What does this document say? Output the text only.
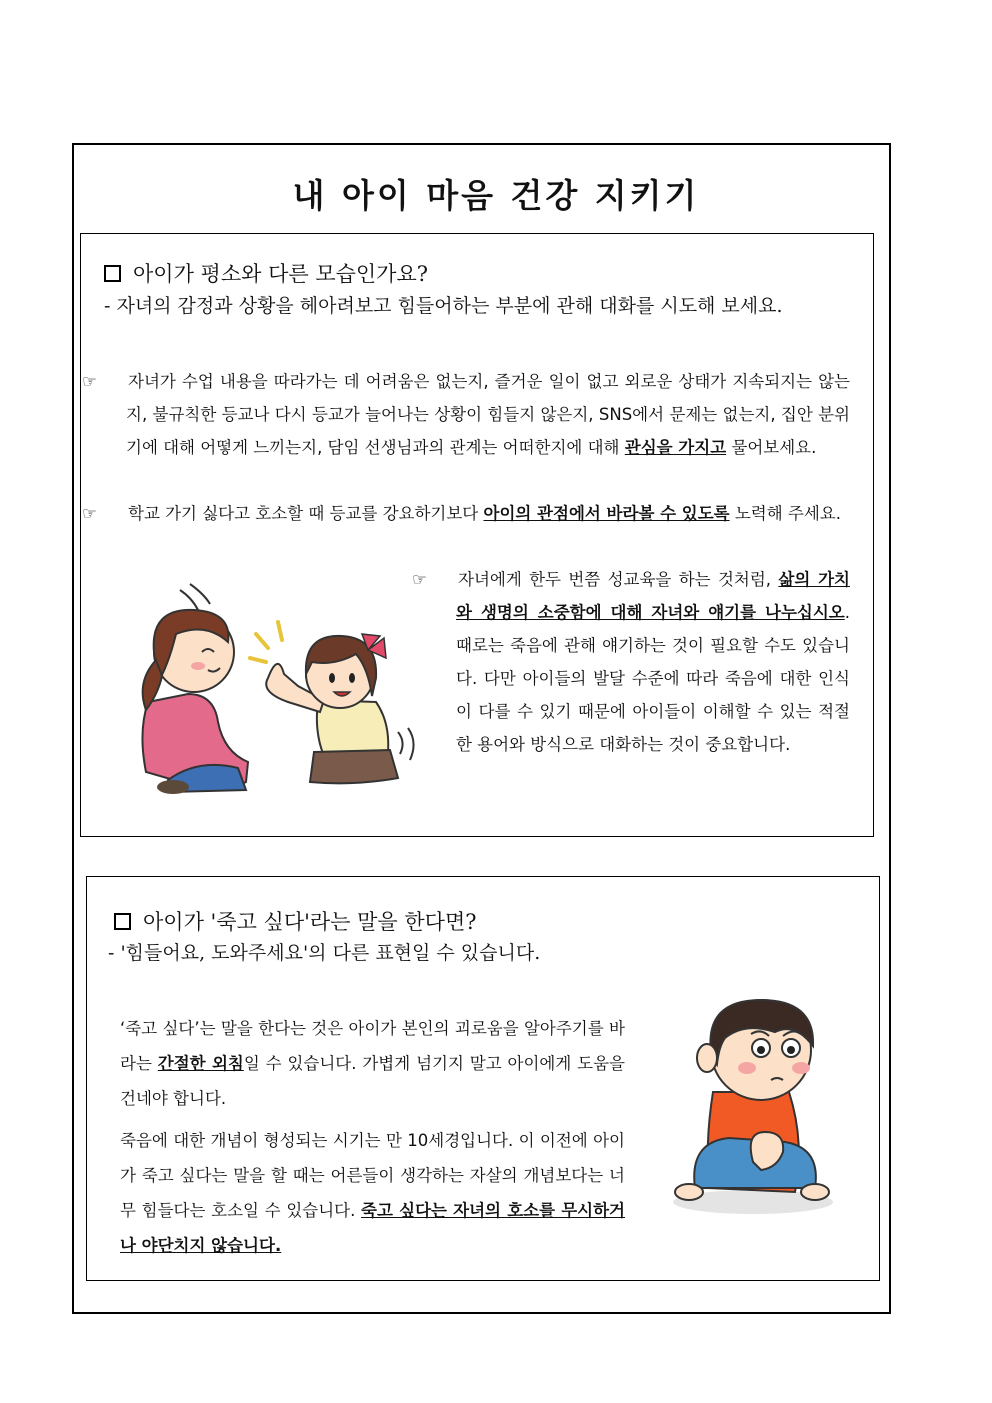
내 아이 마음 건강 지키기
아이가 평소와 다른 모습인가요?
- 자녀의 감정과 상황을 헤아려보고 힘들어하는 부분에 관해 대화를 시도해 보세요.
☞ 자녀가 수업 내용을 따라가는 데 어려움은 없는지, 즐거운 일이 없고 외로운 상태가 지속되지는 않는지, 불규칙한 등교나 다시 등교가 늘어나는 상황이 힘들지 않은지, SNS에서 문제는 없는지, 집안 분위기에 대해 어떻게 느끼는지, 담임 선생님과의 관계는 어떠한지에 대해 관심을 가지고 물어보세요.
☞ 학교 가기 싫다고 호소할 때 등교를 강요하기보다 아이의 관점에서 바라볼 수 있도록 노력해 주세요.
☞ 자녀에게 한두 번쯤 성교육을 하는 것처럼, 삶의 가치와 생명의 소중함에 대해 자녀와 얘기를 나누십시오. 때로는 죽음에 관해 얘기하는 것이 필요할 수도 있습니다. 다만 아이들의 발달 수준에 따라 죽음에 대한 인식이 다를 수 있기 때문에 아이들이 이해할 수 있는 적절한 용어와 방식으로 대화하는 것이 중요합니다.
아이가 '죽고 싶다'라는 말을 한다면?
- '힘들어요, 도와주세요'의 다른 표현일 수 있습니다.
‘죽고 싶다’는 말을 한다는 것은 아이가 본인의 괴로움을 알아주기를 바라는 간절한 외침일 수 있습니다. 가볍게 넘기지 말고 아이에게 도움을 건네야 합니다.
죽음에 대한 개념이 형성되는 시기는 만 10세경입니다. 이 이전에 아이가 죽고 싶다는 말을 할 때는 어른들이 생각하는 자살의 개념보다는 너무 힘들다는 호소일 수 있습니다. 죽고 싶다는 자녀의 호소를 무시하거나 야단치지 않습니다.
